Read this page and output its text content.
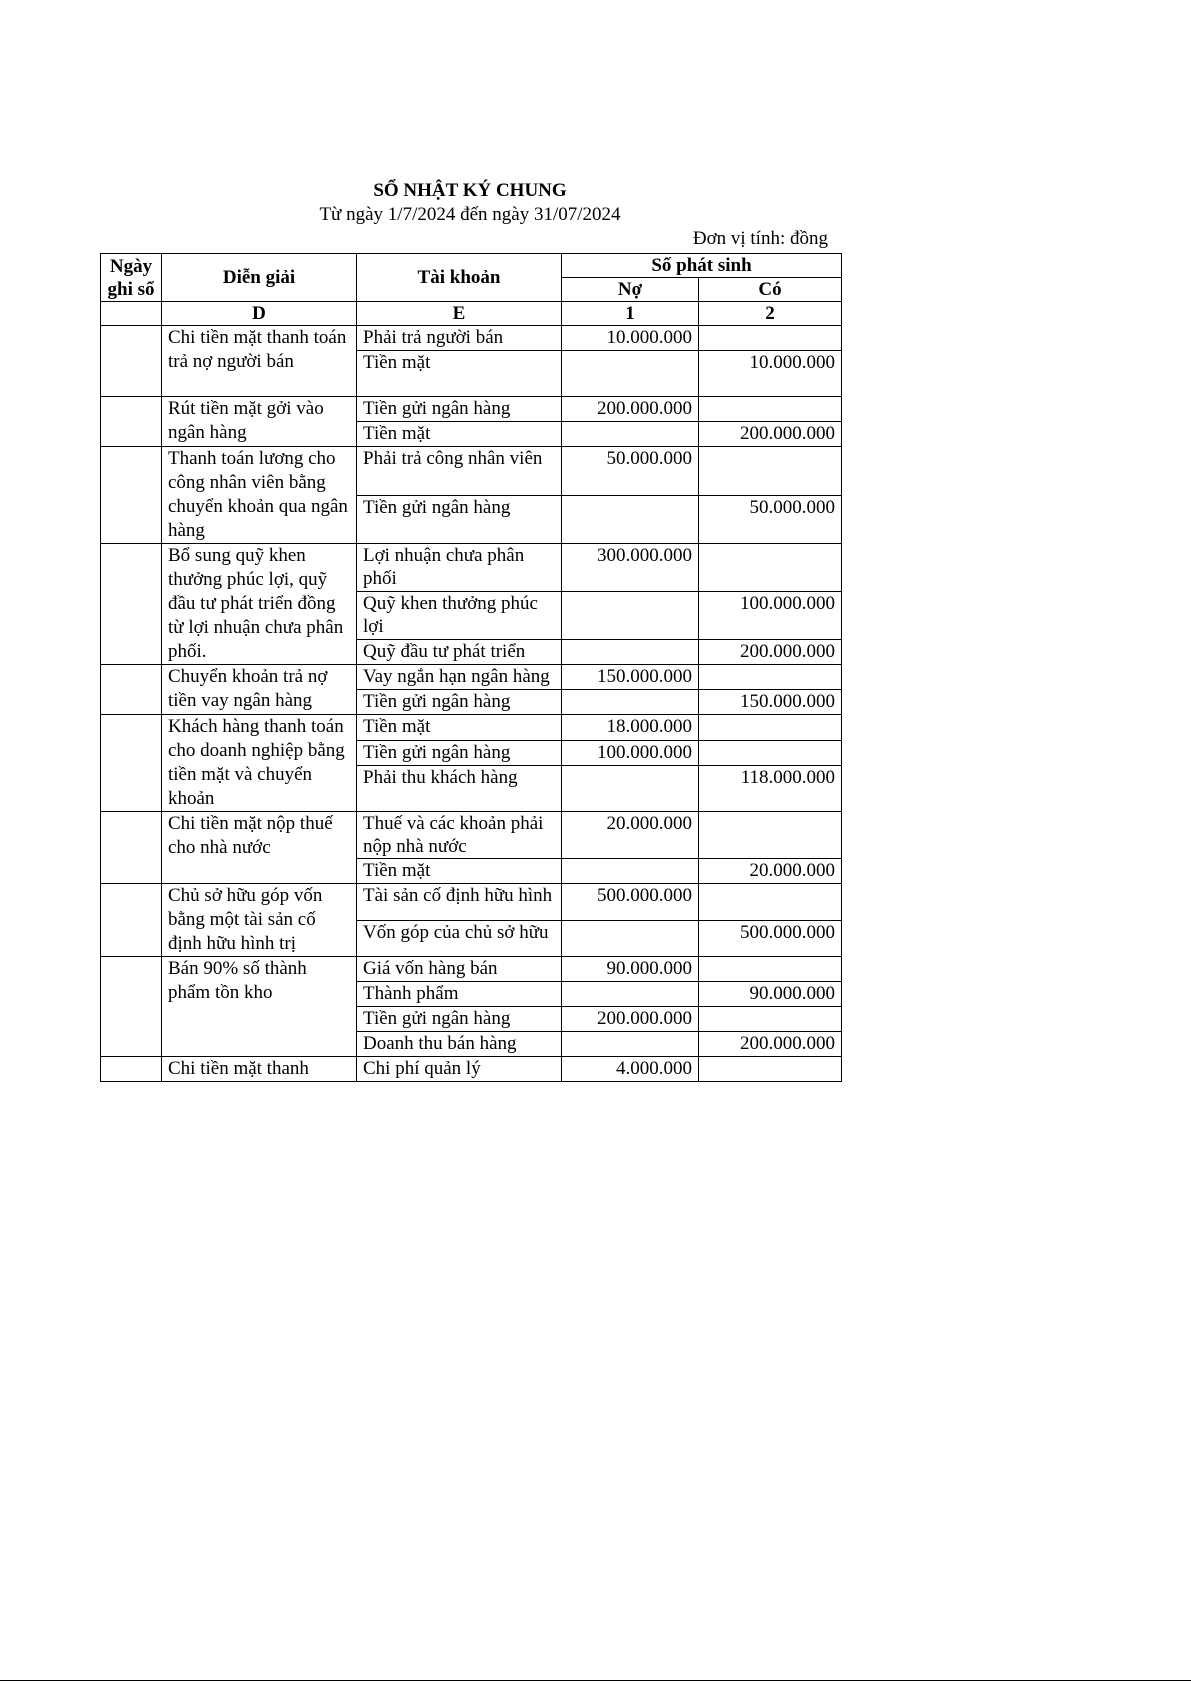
SỔ NHẬT KÝ CHUNG
Từ ngày 1/7/2024 đến ngày 31/07/2024
Đơn vị tính: đồng
Ngày ghi sổ	Diễn giải	Tài khoản	Số phát sinh	
			Nợ	Có
	D	E	1	2
	Chi tiền mặt thanh toán trả nợ người bán	Phải trả người bán	10.000.000	
		Tiền mặt		10.000.000
	Rút tiền mặt gởi vào ngân hàng	Tiền gửi ngân hàng	200.000.000	
		Tiền mặt		200.000.000
	Thanh toán lương cho công nhân viên bằng chuyển khoản qua ngân hàng	Phải trả công nhân viên	50.000.000	
		Tiền gửi ngân hàng		50.000.000
	Bổ sung quỹ khen thưởng phúc lợi, quỹ đầu tư phát triển đồng từ lợi nhuận chưa phân phối.	Lợi nhuận chưa phân phối	300.000.000	
		Quỹ khen thưởng phúc lợi		100.000.000
		Quỹ đầu tư phát triển		200.000.000
	Chuyển khoản trả nợ tiền vay ngân hàng	Vay ngắn hạn ngân hàng	150.000.000	
		Tiền gửi ngân hàng		150.000.000
	Khách hàng thanh toán cho doanh nghiệp bằng tiền mặt và chuyển khoản	Tiền mặt	18.000.000	
		Tiền gửi ngân hàng	100.000.000	
		Phải thu khách hàng		118.000.000
	Chi tiền mặt nộp thuế cho nhà nước	Thuế và các khoản phải nộp nhà nước	20.000.000	
		Tiền mặt		20.000.000
	Chủ sở hữu góp vốn bằng một tài sản cố định hữu hình trị	Tài sản cố định hữu hình	500.000.000	
		Vốn góp của chủ sở hữu		500.000.000
	Bán 90% số thành phẩm tồn kho	Giá vốn hàng bán	90.000.000	
		Thành phẩm		90.000.000
		Tiền gửi ngân hàng	200.000.000	
		Doanh thu bán hàng		200.000.000
	Chi tiền mặt thanh	Chi phí quản lý	4.000.000	
